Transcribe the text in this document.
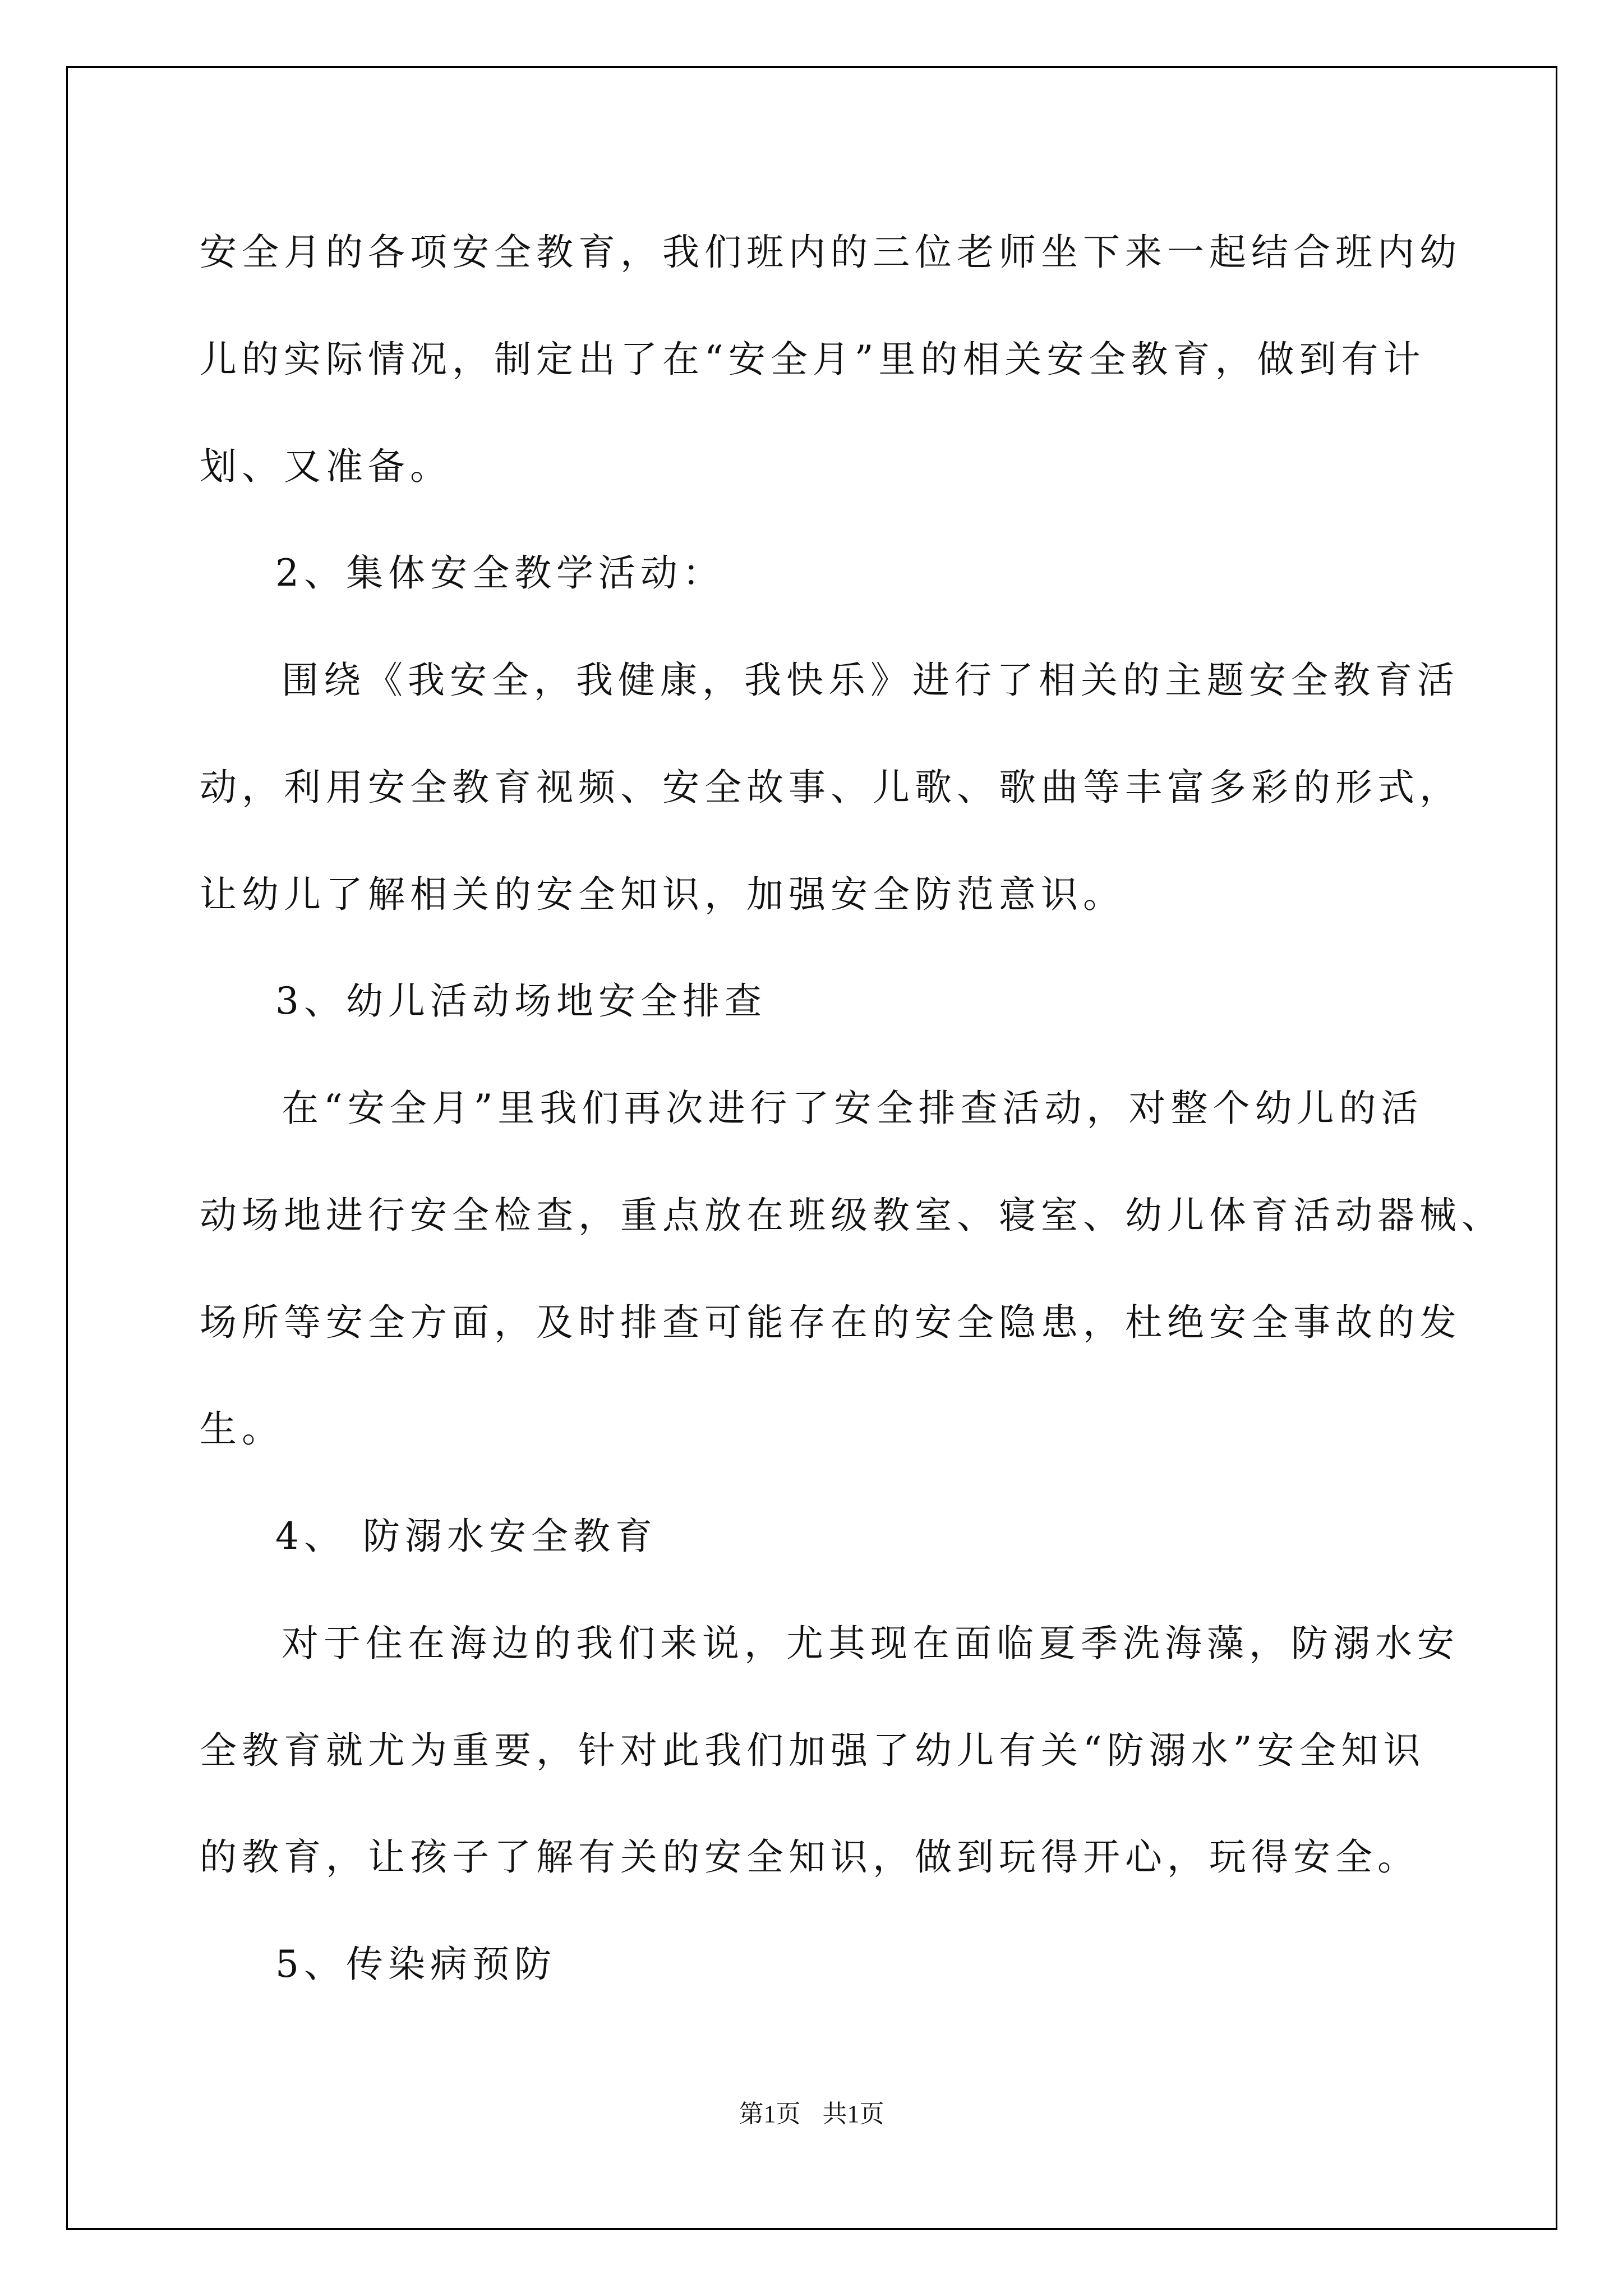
安全月的各项安全教育，我们班内的三位老师坐下来一起结合班内幼
儿的实际情况，制定出了在“安全月”里的相关安全教育，做到有计
划、又准备。
2、集体安全教学活动：
围绕《我安全，我健康，我快乐》进行了相关的主题安全教育活
动，利用安全教育视频、安全故事、儿歌、歌曲等丰富多彩的形式，
让幼儿了解相关的安全知识，加强安全防范意识。
3、幼儿活动场地安全排查
在“安全月”里我们再次进行了安全排查活动，对整个幼儿的活
动场地进行安全检查，重点放在班级教室、寝室、幼儿体育活动器械、
场所等安全方面，及时排查可能存在的安全隐患，杜绝安全事故的发
生。
4、 防溺水安全教育
对于住在海边的我们来说，尤其现在面临夏季洗海藻，防溺水安
全教育就尤为重要，针对此我们加强了幼儿有关“防溺水”安全知识
的教育，让孩子了解有关的安全知识，做到玩得开心，玩得安全。
5、传染病预防
第1页 共1页
